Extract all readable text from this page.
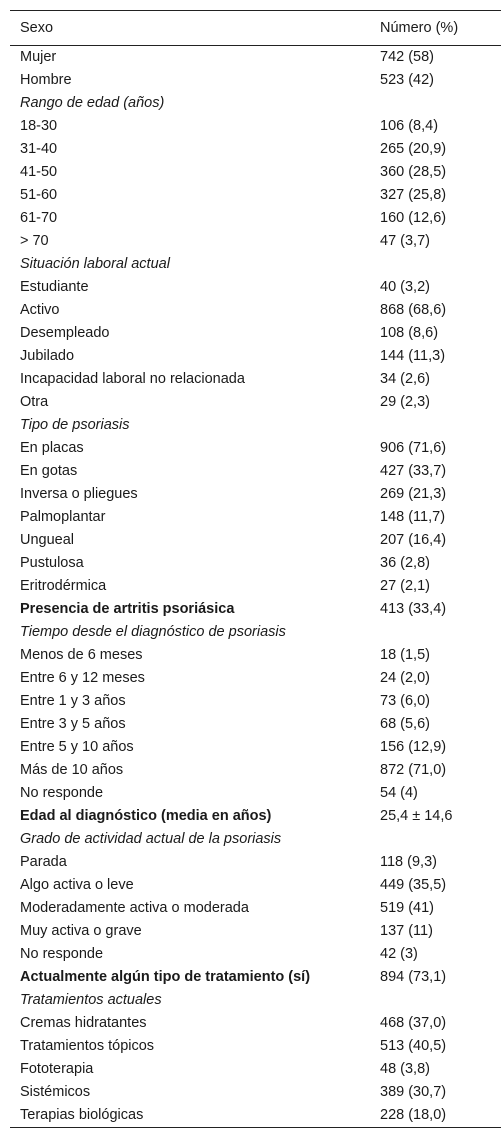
Sexo	Número (%)
Mujer	742 (58)
Hombre	523 (42)
Rango de edad (años)	
18-30	106 (8,4)
31-40	265 (20,9)
41-50	360 (28,5)
51-60	327 (25,8)
61-70	160 (12,6)
> 70	47 (3,7)
Situación laboral actual	
Estudiante	40 (3,2)
Activo	868 (68,6)
Desempleado	108 (8,6)
Jubilado	144 (11,3)
Incapacidad laboral no relacionada	34 (2,6)
Otra	29 (2,3)
Tipo de psoriasis	
En placas	906 (71,6)
En gotas	427 (33,7)
Inversa o pliegues	269 (21,3)
Palmoplantar	148 (11,7)
Ungueal	207 (16,4)
Pustulosa	36 (2,8)
Eritrodérmica	27 (2,1)
Presencia de artritis psoriásica	413 (33,4)
Tiempo desde el diagnóstico de psoriasis	
Menos de 6 meses	18 (1,5)
Entre 6 y 12 meses	24 (2,0)
Entre 1 y 3 años	73 (6,0)
Entre 3 y 5 años	68 (5,6)
Entre 5 y 10 años	156 (12,9)
Más de 10 años	872 (71,0)
No responde	54 (4)
Edad al diagnóstico (media en años)	25,4 ± 14,6
Grado de actividad actual de la psoriasis	
Parada	118 (9,3)
Algo activa o leve	449 (35,5)
Moderadamente activa o moderada	519 (41)
Muy activa o grave	137 (11)
No responde	42 (3)
Actualmente algún tipo de tratamiento (sí)	894 (73,1)
Tratamientos actuales	
Cremas hidratantes	468 (37,0)
Tratamientos tópicos	513 (40,5)
Fototerapia	48 (3,8)
Sistémicos	389 (30,7)
Terapias biológicas	228 (18,0)
